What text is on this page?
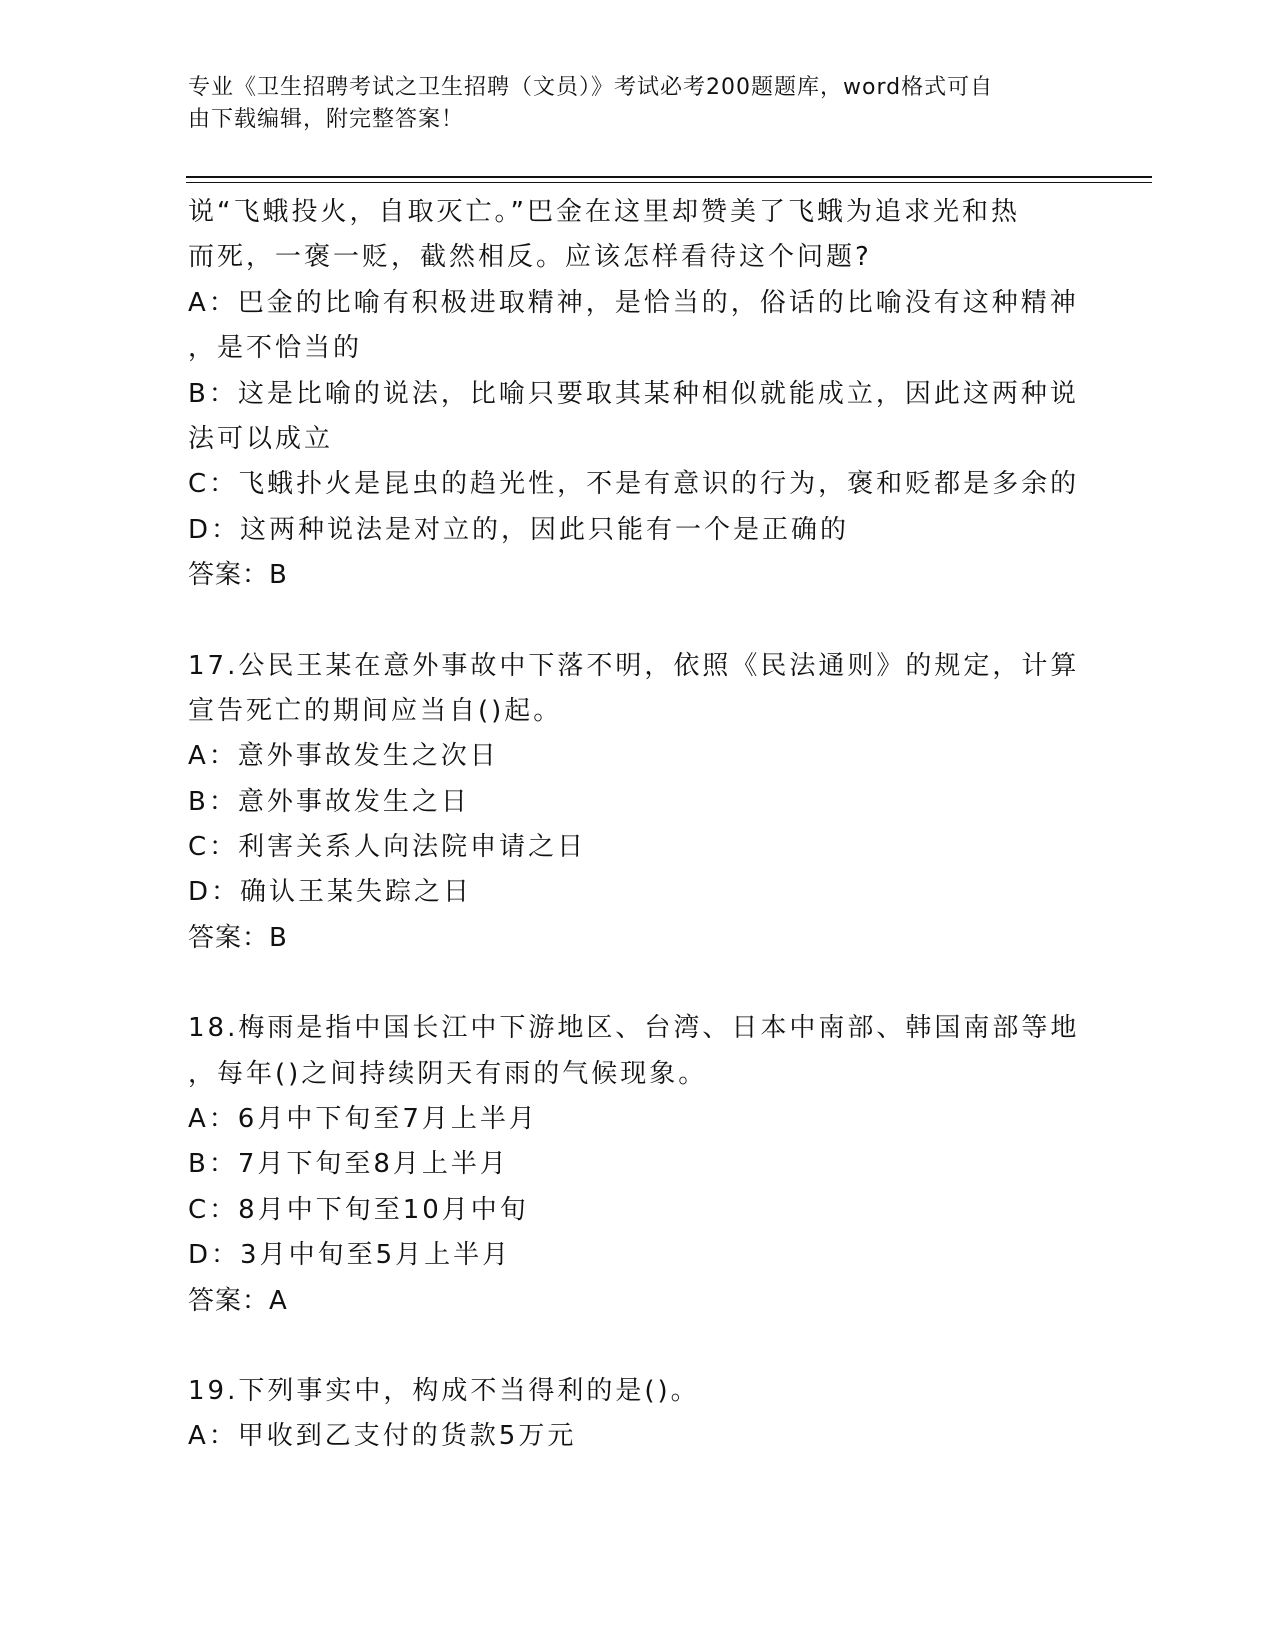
专业《卫生招聘考试之卫生招聘（文员）》考试必考200题题库，word格式可自
由下载编辑，附完整答案！
说“飞蛾投火，自取灭亡。”巴金在这里却赞美了飞蛾为追求光和热
而死，一褒一贬，截然相反。应该怎样看待这个问题?
A：巴金的比喻有积极进取精神，是恰当的，俗话的比喻没有这种精神
，是不恰当的
B：这是比喻的说法，比喻只要取其某种相似就能成立，因此这两种说
法可以成立
C：飞蛾扑火是昆虫的趋光性，不是有意识的行为，褒和贬都是多余的
D：这两种说法是对立的，因此只能有一个是正确的
答案：B
17.公民王某在意外事故中下落不明，依照《民法通则》的规定，计算
宣告死亡的期间应当自()起。
A：意外事故发生之次日
B：意外事故发生之日
C：利害关系人向法院申请之日
D：确认王某失踪之日
答案：B
18.梅雨是指中国长江中下游地区、台湾、日本中南部、韩国南部等地
，每年()之间持续阴天有雨的气候现象。
A：6月中下旬至7月上半月
B：7月下旬至8月上半月
C：8月中下旬至10月中旬
D：3月中旬至5月上半月
答案：A
19.下列事实中，构成不当得利的是()。
A：甲收到乙支付的货款5万元
